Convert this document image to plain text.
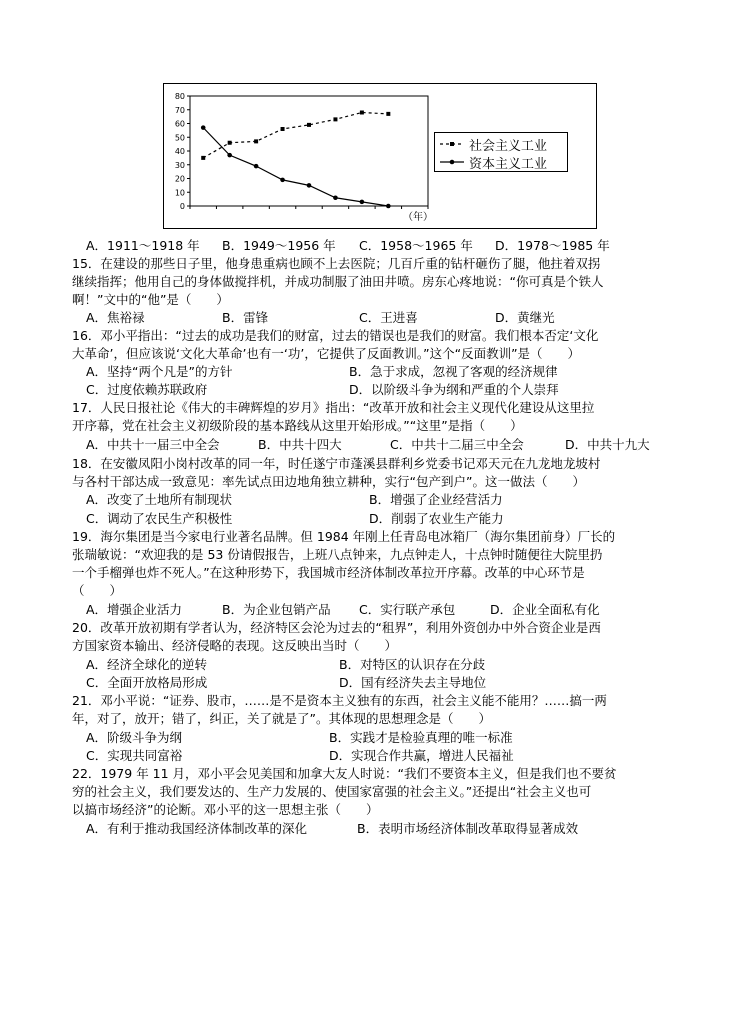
0
10
20
30
40
50
60
70
80
（年）
社会主义工业
资本主义工业
A．1911～1918 年 B．1949～1956 年 C．1958～1965 年 D．1978～1985 年
15．在建设的那些日子里，他身患重病也顾不上去医院；几百斤重的钻杆砸伤了腿，他拄着双拐
继续指挥；他用自己的身体做搅拌机，并成功制服了油田井喷。房东心疼地说：“你可真是个铁人
啊！”文中的“他”是（　　）
A．焦裕禄	B．雷锋	C．王进喜	D．黄继光
16．邓小平指出：“过去的成功是我们的财富，过去的错误也是我们的财富。我们根本否定‘文化
大革命’，但应该说‘文化大革命’也有一‘功’，它提供了反面教训。”这个“反面教训”是（　　）
A．坚持“两个凡是”的方针	B．急于求成，忽视了客观的经济规律
C．过度依赖苏联政府	D．以阶级斗争为纲和严重的个人崇拜
17．人民日报社论《伟大的丰碑辉煌的岁月》指出：“改革开放和社会主义现代化建设从这里拉
开序幕，党在社会主义初级阶段的基本路线从这里开始形成。”“这里”是指（　　）
A．中共十一届三中全会	B．中共十四大	C．中共十二届三中全会	D．中共十九大
18．在安徽凤阳小岗村改革的同一年，时任遂宁市蓬溪县群利乡党委书记邓天元在九龙地龙坡村
与各村干部达成一致意见：率先试点田边地角独立耕种，实行“包产到户”。这一做法（　　）
A．改变了土地所有制现状	B．增强了企业经营活力
C．调动了农民生产积极性	D．削弱了农业生产能力
19．海尔集团是当今家电行业著名品牌。但 1984 年刚上任青岛电冰箱厂（海尔集团前身）厂长的
张瑞敏说：“欢迎我的是 53 份请假报告，上班八点钟来，九点钟走人，十点钟时随便往大院里扔
一个手榴弹也炸不死人。”在这种形势下，我国城市经济体制改革拉开序幕。改革的中心环节是
（　　）
A．增强企业活力	B．为企业包销产品 C．实行联产承包	D．企业全面私有化
20．改革开放初期有学者认为，经济特区会沦为过去的“租界”，利用外资创办中外合资企业是西
方国家资本输出、经济侵略的表现。这反映出当时（　　）
A．经济全球化的逆转	B．对特区的认识存在分歧
C．全面开放格局形成	D．国有经济失去主导地位
21．邓小平说：“证券、股市，……是不是资本主义独有的东西，社会主义能不能用？……搞一两
年，对了，放开；错了，纠正，关了就是了”。其体现的思想理念是（　　）
A．阶级斗争为纲	B．实践才是检验真理的唯一标准
C．实现共同富裕	D．实现合作共赢，增进人民福祉
22．1979 年 11 月，邓小平会见美国和加拿大友人时说：“我们不要资本主义，但是我们也不要贫
穷的社会主义，我们要发达的、生产力发展的、使国家富强的社会主义。”还提出“社会主义也可
以搞市场经济”的论断。邓小平的这一思想主张（　　）
A．有利于推动我国经济体制改革的深化	B．表明市场经济体制改革取得显著成效
